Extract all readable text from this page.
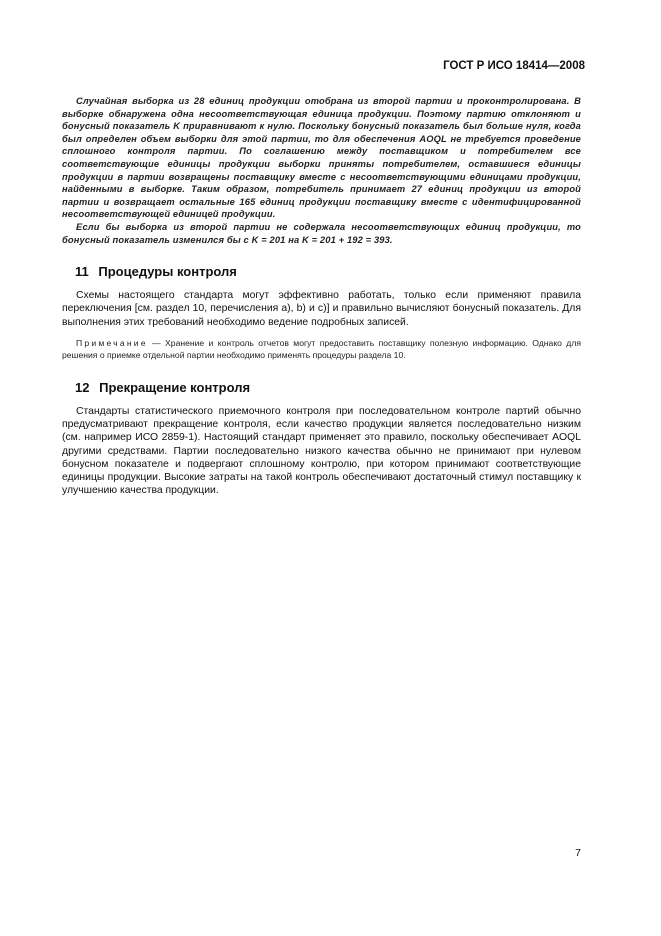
ГОСТ Р ИСО 18414—2008

Случайная выборка из 28 единиц продукции отобрана из второй партии и проконтролирована. В выборке обнаружена одна несоответствующая единица продукции. Поэтому партию отклоняют и бонусный показатель K приравнивают к нулю. Поскольку бонусный показатель был больше нуля, когда был определен объем выборки для этой партии, то для обеспечения AOQL не требуется проведение сплошного контроля партии. По соглашению между поставщиком и потребителем все соответствующие единицы продукции выборки приняты потребителем, оставшиеся единицы продукции в партии возвращены поставщику вместе с несоответствующими единицами продукции, найденными в выборке. Таким образом, потребитель принимает 27 единиц продукции из второй партии и возвращает остальные 165 единиц продукции поставщику вместе с идентифицированной несоответствующей единицей продукции.

Если бы выборка из второй партии не содержала несоответствующих единиц продукции, то бонусный показатель изменился бы с K = 201 на K = 201 + 192 = 393.

11 Процедуры контроля

Схемы настоящего стандарта могут эффективно работать, только если применяют правила переключения [см. раздел 10, перечисления a), b) и c)] и правильно вычисляют бонусный показатель. Для выполнения этих требований необходимо ведение подробных записей.

Примечание — Хранение и контроль отчетов могут предоставить поставщику полезную информацию. Однако для решения о приемке отдельной партии необходимо применять процедуры раздела 10.

12 Прекращение контроля

Стандарты статистического приемочного контроля при последовательном контроле партий обычно предусматривают прекращение контроля, если качество продукции является последовательно низким (см. например ИСО 2859-1). Настоящий стандарт применяет это правило, поскольку обеспечивает AOQL другими средствами. Партии последовательно низкого качества обычно не принимают при нулевом бонусном показателе и подвергают сплошному контролю, при котором принимают соответствующие единицы продукции. Высокие затраты на такой контроль обеспечивают достаточный стимул поставщику к улучшению качества продукции.

7
